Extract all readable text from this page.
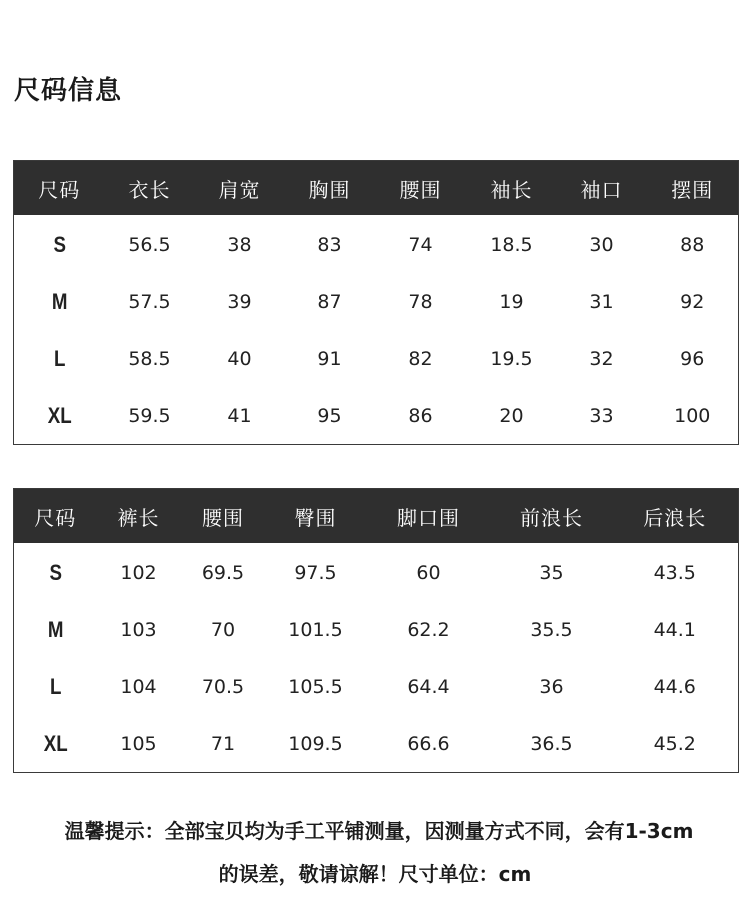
尺码信息
尺码	衣长	肩宽	胸围	腰围	袖长	袖口	摆围
S	56.5	38	83	74	18.5	30	88
M	57.5	39	87	78	19	31	92
L	58.5	40	91	82	19.5	32	96
XL	59.5	41	95	86	20	33	100
尺码	裤长	腰围	臀围	脚口围	前浪长	后浪长
S	102	69.5	97.5	60	35	43.5
M	103	70	101.5	62.2	35.5	44.1
L	104	70.5	105.5	64.4	36	44.6
XL	105	71	109.5	66.6	36.5	45.2

温馨提示：全部宝贝均为手工平铺测量，因测量方式不同，会有1-3cm

的误差，敬请谅解！尺寸单位：cm
